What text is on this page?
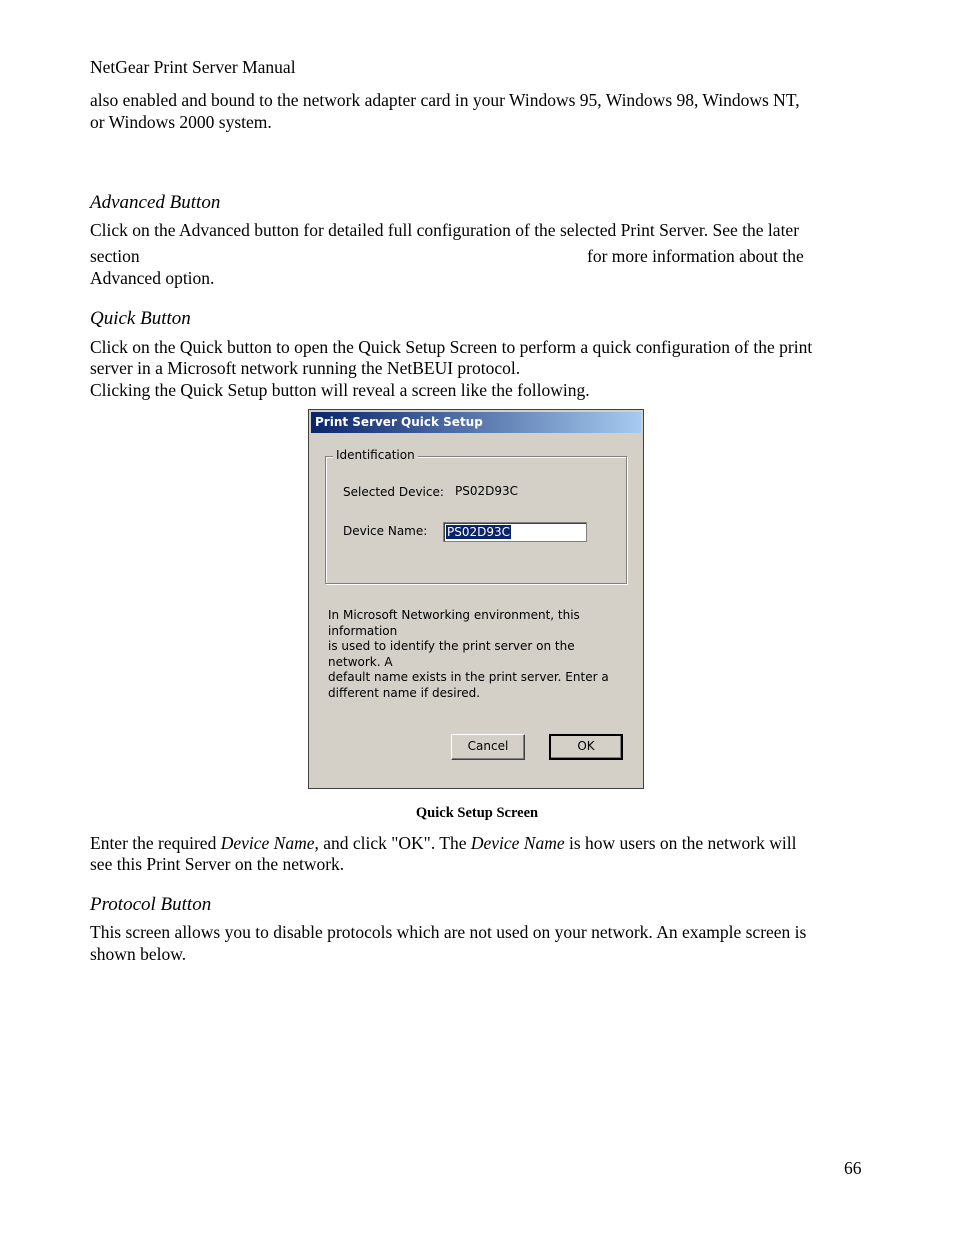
NetGear Print Server Manual

also enabled and bound to the network adapter card in your Windows 95, Windows 98, Windows NT,

or Windows 2000 system.

Advanced Button

Click on the Advanced button for detailed full configuration of the selected Print Server. See the later

section	for more information about the

Advanced option.

Quick Button

Click on the Quick button to open the Quick Setup Screen to perform a quick configuration of the print

server in a Microsoft network running the NetBEUI protocol.

Clicking the Quick Setup button will reveal a screen like the following.

Print Server Quick Setup
Identification
Selected Device: PS02D93C
Device Name: PS02D93C
In Microsoft Networking environment, this information
is used to identify the print server on the network. A
default name exists in the print server. Enter a
different name if desired.
Cancel	OK

Quick Setup Screen

Enter the required Device Name, and click "OK". The Device Name is how users on the network will

see this Print Server on the network.

Protocol Button

This screen allows you to disable protocols which are not used on your network. An example screen is

shown below.

66
